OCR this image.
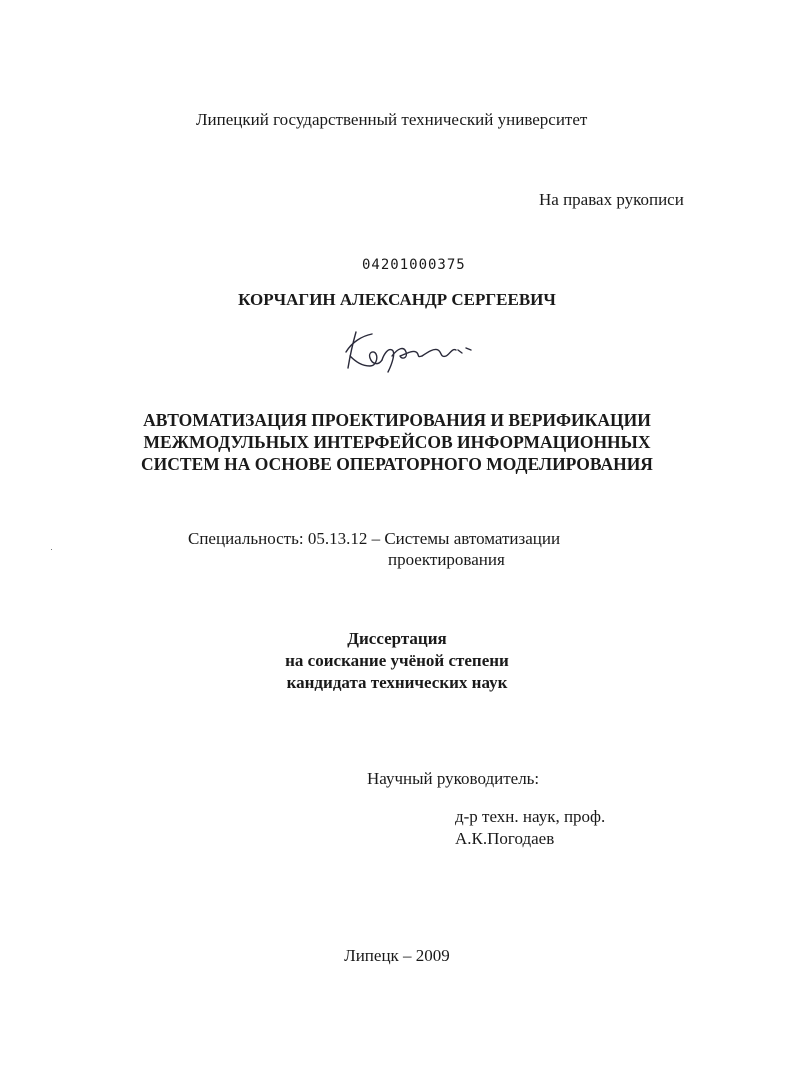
Липецкий государственный технический университет
На правах рукописи
04201000375
КОРЧАГИН АЛЕКСАНДР СЕРГЕЕВИЧ
АВТОМАТИЗАЦИЯ ПРОЕКТИРОВАНИЯ И ВЕРИФИКАЦИИ
МЕЖМОДУЛЬНЫХ ИНТЕРФЕЙСОВ ИНФОРМАЦИОННЫХ
СИСТЕМ НА ОСНОВЕ ОПЕРАТОРНОГО МОДЕЛИРОВАНИЯ
Специальность: 05.13.12 – Системы автоматизации
проектирования
Диссертация
на соискание учёной степени
кандидата технических наук
Научный руководитель:
д-р техн. наук, проф.
А.К.Погодаев
Липецк – 2009
